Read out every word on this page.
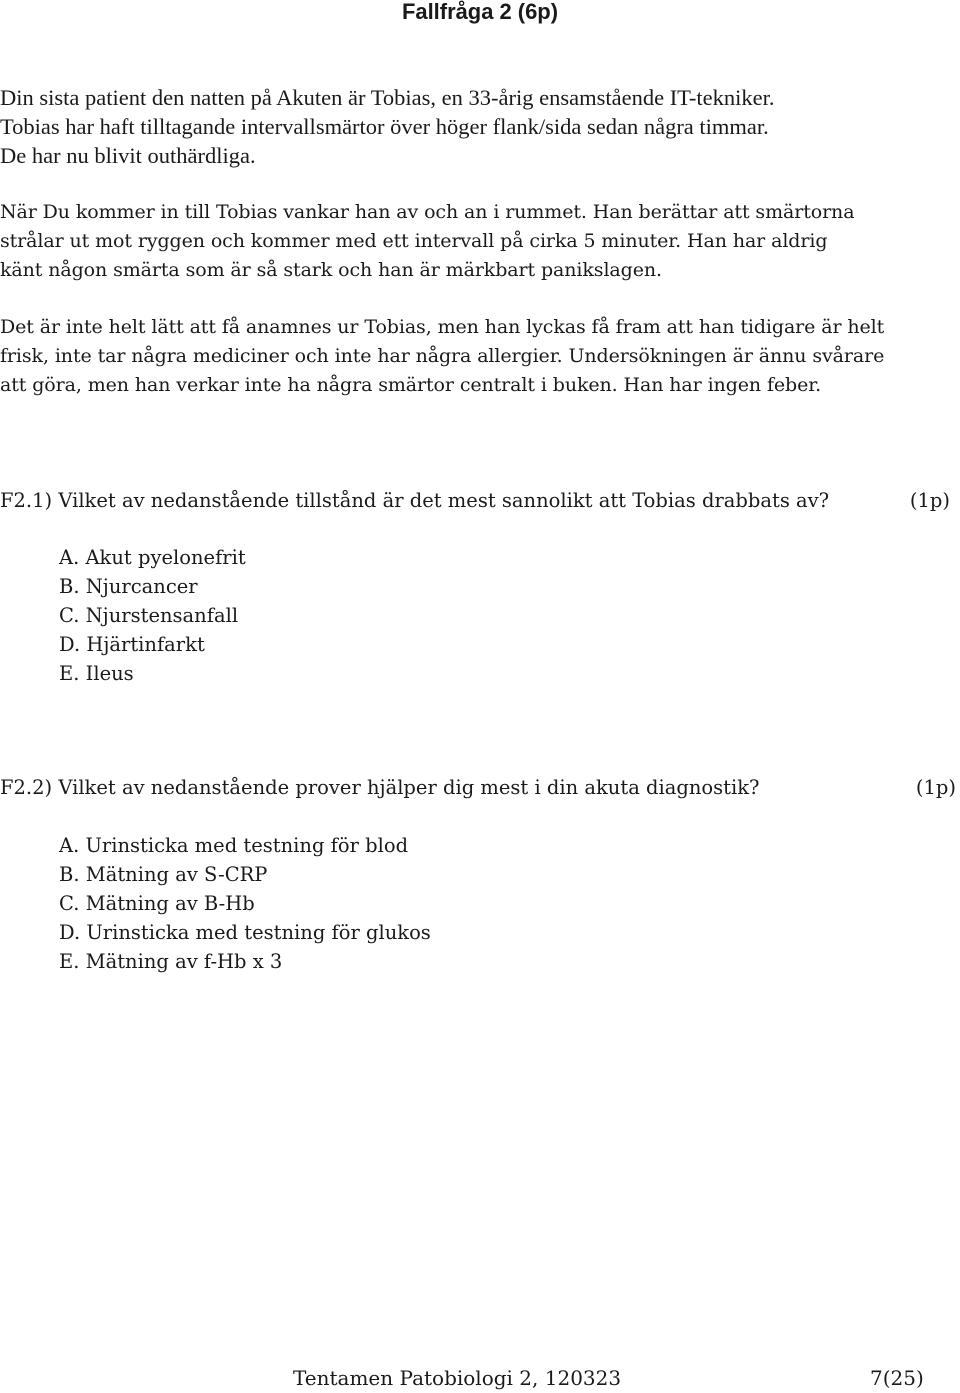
Fallfråga 2 (6p)
Din sista patient den natten på Akuten är Tobias, en 33-årig ensamstående IT-tekniker.
Tobias har haft tilltagande intervallsmärtor över höger flank/sida sedan några timmar.
De har nu blivit outhärdliga.
När Du kommer in till Tobias vankar han av och an i rummet. Han berättar att smärtorna
strålar ut mot ryggen och kommer med ett intervall på cirka 5 minuter. Han har aldrig
känt någon smärta som är så stark och han är märkbart panikslagen.
Det är inte helt lätt att få anamnes ur Tobias, men han lyckas få fram att han tidigare är helt
frisk, inte tar några mediciner och inte har några allergier. Undersökningen är ännu svårare
att göra, men han verkar inte ha några smärtor centralt i buken. Han har ingen feber.
F2.1) Vilket av nedanstående tillstånd är det mest sannolikt att Tobias drabbats av?	(1p)
A. Akut pyelonefrit
B. Njurcancer
C. Njurstensanfall
D. Hjärtinfarkt
E. Ileus
F2.2) Vilket av nedanstående prover hjälper dig mest i din akuta diagnostik?	(1p)
A. Urinsticka med testning för blod
B. Mätning av S-CRP
C. Mätning av B-Hb
D. Urinsticka med testning för glukos
E. Mätning av f-Hb x 3
Tentamen Patobiologi 2, 120323	7(25)
